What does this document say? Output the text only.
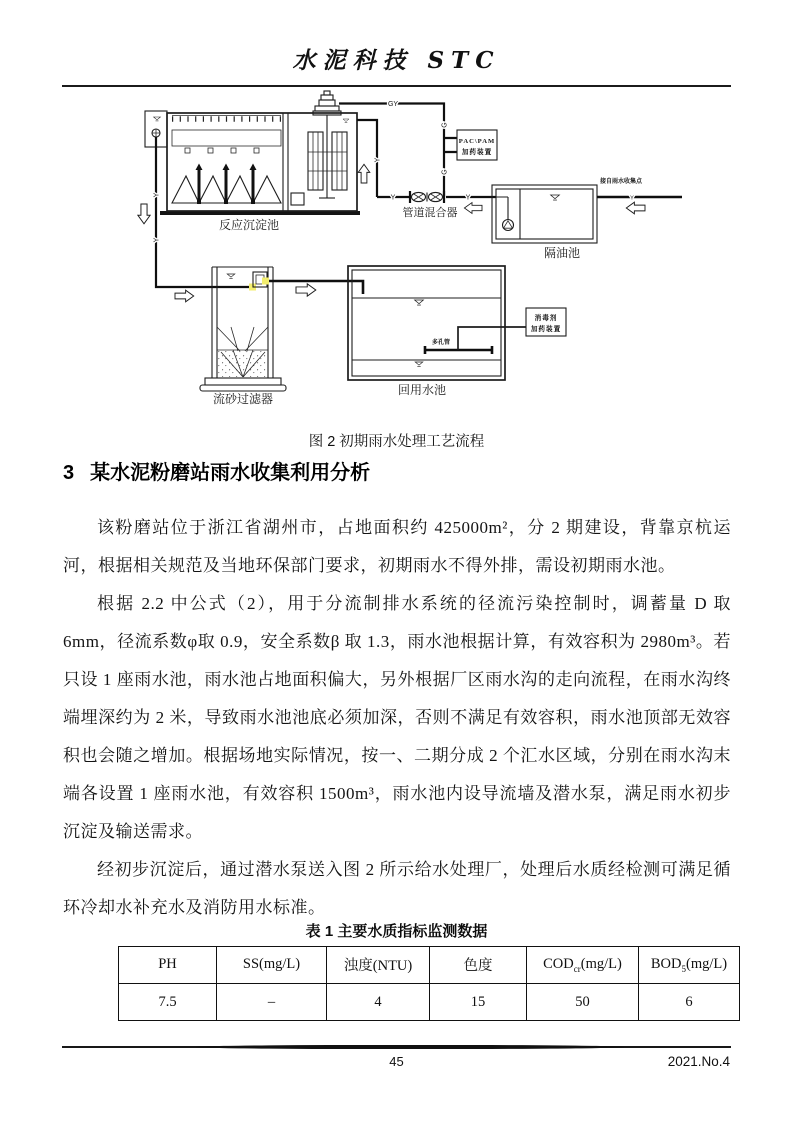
水泥科技 STC
反应沉淀池
GY
G
G
Y
PAC\PAM
加药装置
Y	Y
管道混合器
接自雨水收集点
Y
隔油池
Y
Y
流砂过滤器
多孔管
消毒剂
加药装置
回用水池
图 2 初期雨水处理工艺流程
3 某水泥粉磨站雨水收集利用分析

该粉磨站位于浙江省湖州市，占地面积约 425000m²，分 2 期建设，背靠京杭运河，根据相关规范及当地环保部门要求，初期雨水不得外排，需设初期雨水池。

根据 2.2 中公式（2），用于分流制排水系统的径流污染控制时，调蓄量 D 取 6mm，径流系数φ取 0.9，安全系数β 取 1.3，雨水池根据计算，有效容积为 2980m³。若只设 1 座雨水池，雨水池占地面积偏大，另外根据厂区雨水沟的走向流程，在雨水沟终端埋深约为 2 米，导致雨水池池底必须加深，否则不满足有效容积，雨水池顶部无效容积也会随之增加。根据场地实际情况，按一、二期分成 2 个汇水区域，分别在雨水沟末端各设置 1 座雨水池，有效容积 1500m³，雨水池内设导流墙及潜水泵，满足雨水初步沉淀及输送需求。

经初步沉淀后，通过潜水泵送入图 2 所示给水处理厂，处理后水质经检测可满足循环冷却水补充水及消防用水标准。

表 1 主要水质指标监测数据
PH	SS(mg/L)	浊度(NTU)	色度	$COD_{cr}(mg/L)$	$BOD_5(mg/L)$
7.5	–	4	15	50	6
45	2021.No.4
